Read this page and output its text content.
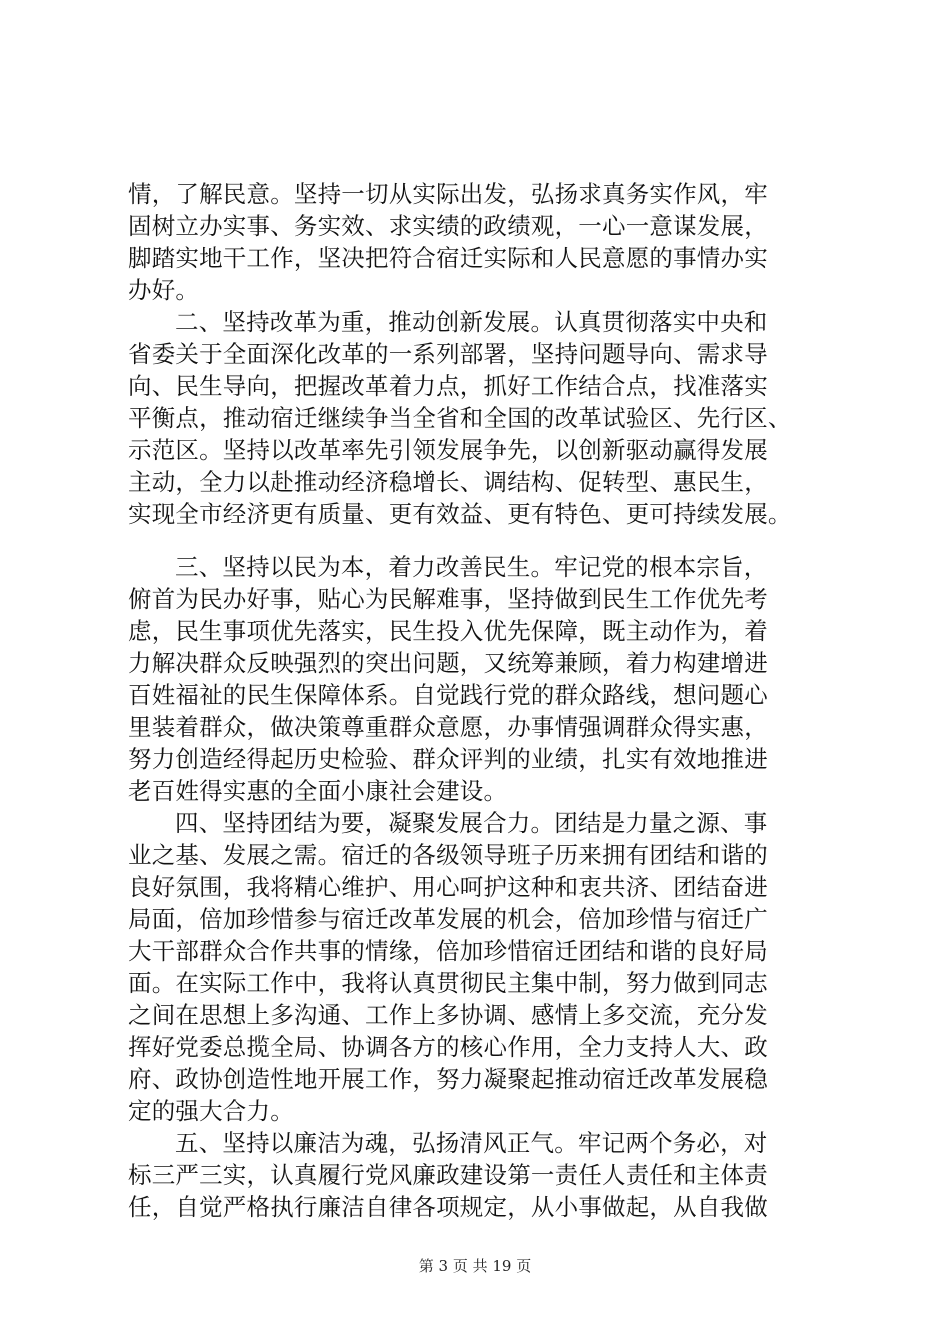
情，了解民意。坚持一切从实际出发，弘扬求真务实作风，牢
固树立办实事、务实效、求实绩的政绩观，一心一意谋发展，
脚踏实地干工作，坚决把符合宿迁实际和人民意愿的事情办实
办好。
二、坚持改革为重，推动创新发展。认真贯彻落实中央和
省委关于全面深化改革的一系列部署，坚持问题导向、需求导
向、民生导向，把握改革着力点，抓好工作结合点，找准落实
平衡点，推动宿迁继续争当全省和全国的改革试验区、先行区、
示范区。坚持以改革率先引领发展争先，以创新驱动赢得发展
主动，全力以赴推动经济稳增长、调结构、促转型、惠民生，
实现全市经济更有质量、更有效益、更有特色、更可持续发展。
三、坚持以民为本，着力改善民生。牢记党的根本宗旨，
俯首为民办好事，贴心为民解难事，坚持做到民生工作优先考
虑，民生事项优先落实，民生投入优先保障，既主动作为，着
力解决群众反映强烈的突出问题，又统筹兼顾，着力构建增进
百姓福祉的民生保障体系。自觉践行党的群众路线，想问题心
里装着群众，做决策尊重群众意愿，办事情强调群众得实惠，
努力创造经得起历史检验、群众评判的业绩，扎实有效地推进
老百姓得实惠的全面小康社会建设。
四、坚持团结为要，凝聚发展合力。团结是力量之源、事
业之基、发展之需。宿迁的各级领导班子历来拥有团结和谐的
良好氛围，我将精心维护、用心呵护这种和衷共济、团结奋进
局面，倍加珍惜参与宿迁改革发展的机会，倍加珍惜与宿迁广
大干部群众合作共事的情缘，倍加珍惜宿迁团结和谐的良好局
面。在实际工作中，我将认真贯彻民主集中制，努力做到同志
之间在思想上多沟通、工作上多协调、感情上多交流，充分发
挥好党委总揽全局、协调各方的核心作用，全力支持人大、政
府、政协创造性地开展工作，努力凝聚起推动宿迁改革发展稳
定的强大合力。
五、坚持以廉洁为魂，弘扬清风正气。牢记两个务必，对
标三严三实，认真履行党风廉政建设第一责任人责任和主体责
任，自觉严格执行廉洁自律各项规定，从小事做起，从自我做
第 3 页 共 19 页
